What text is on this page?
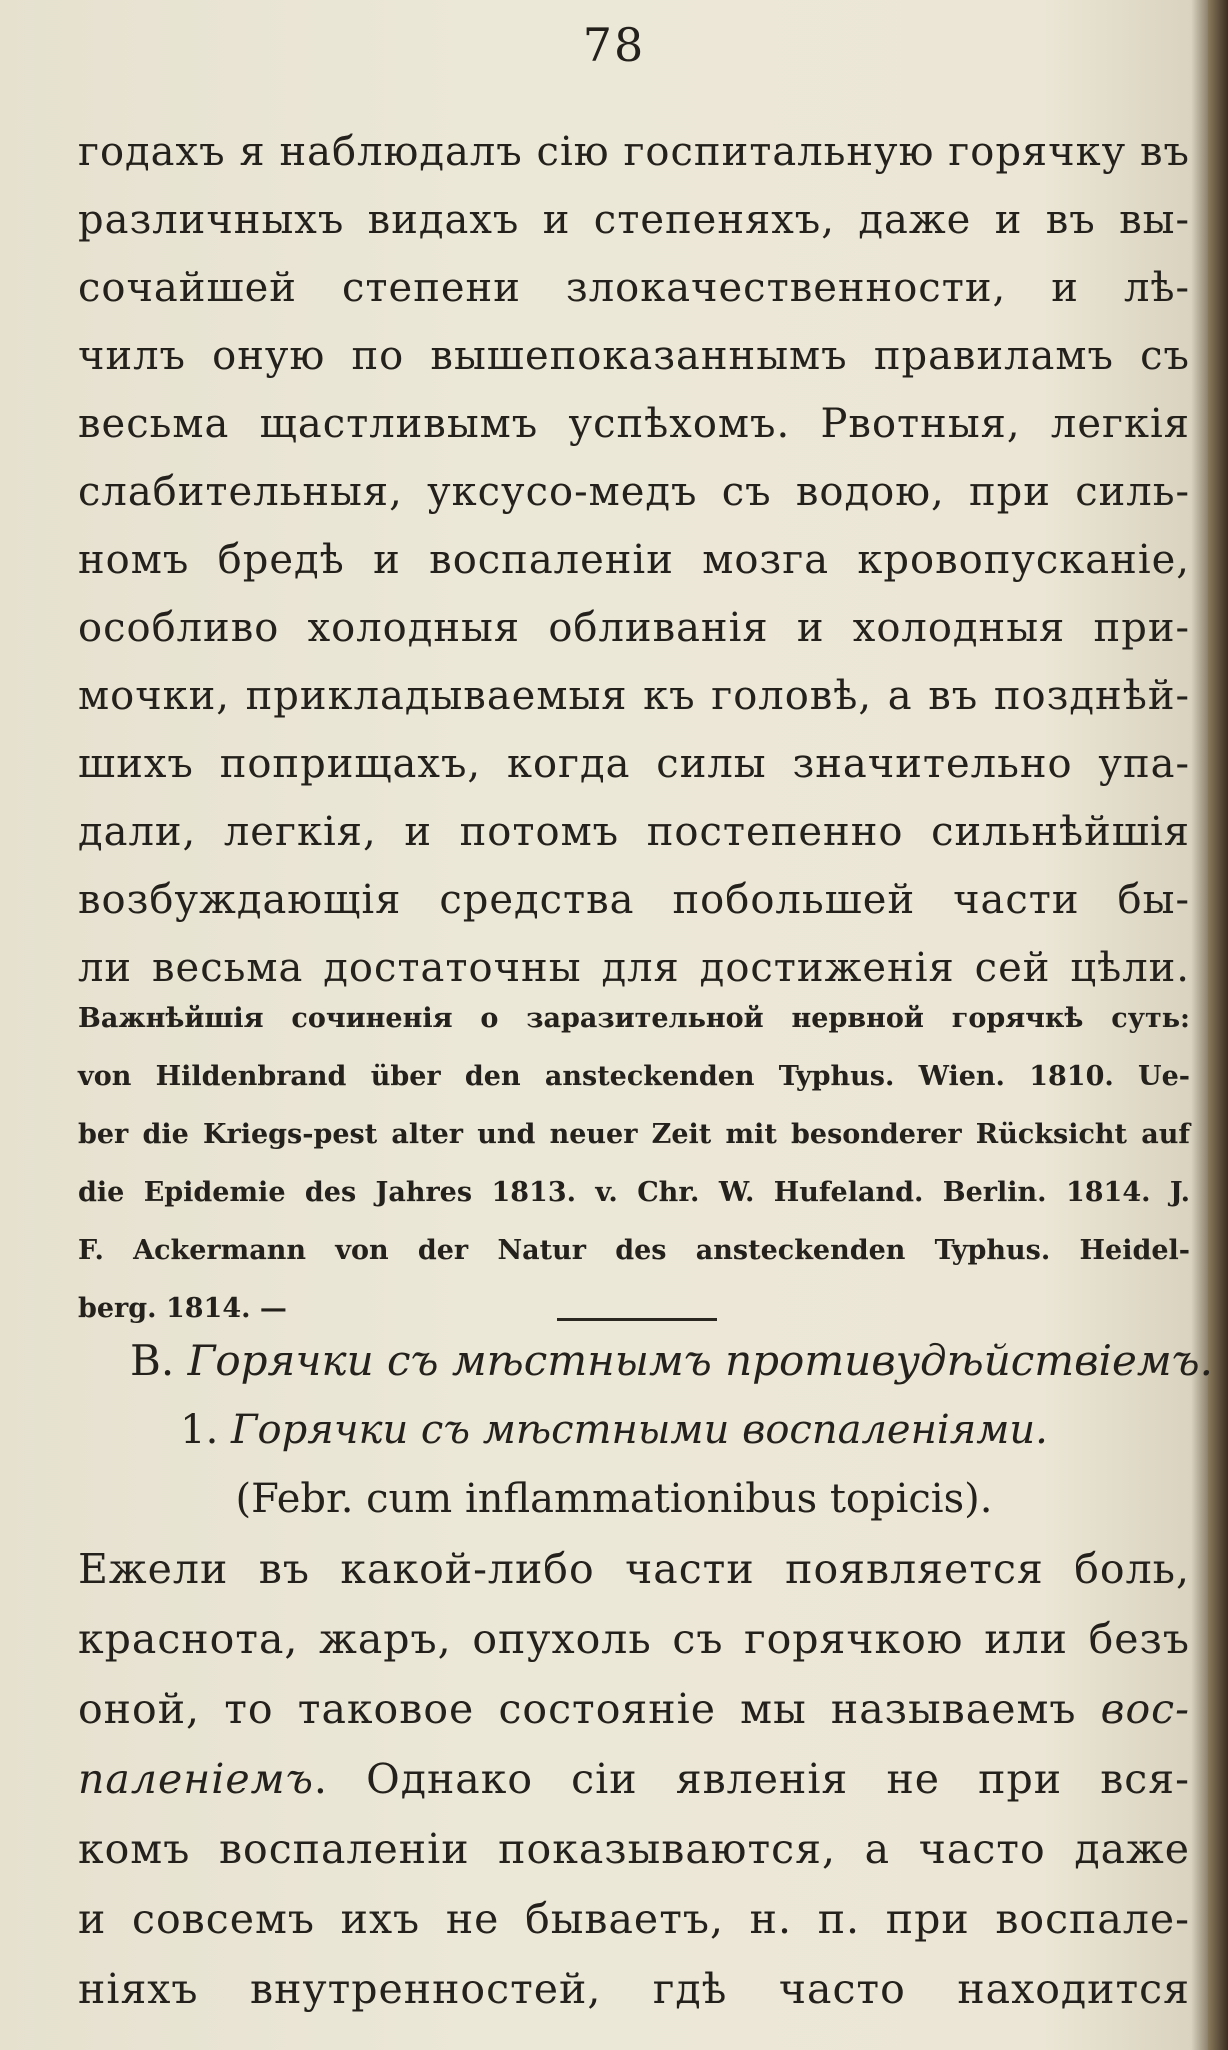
78
годахъ я наблюдалъ сію госпитальную горячку въ
различныхъ видахъ и степеняхъ, даже и въ вы-
сочайшей степени злокачественности, и лѣ-
чилъ оную по вышепоказаннымъ правиламъ съ
весьма щастливымъ успѣхомъ. Рвотныя, легкія
слабительныя, уксусо-медъ съ водою, при силь-
номъ бредѣ и воспаленіи мозга кровопусканіе,
особливо холодныя обливанія и холодныя при-
мочки, прикладываемыя къ головѣ, а въ позднѣй-
шихъ поприщахъ, когда силы значительно упа-
дали, легкія, и потомъ постепенно сильнѣйшія
возбуждающія средства побольшей части бы-
ли весьма достаточны для достиженія сей цѣли.
Важнѣйшія сочиненія о заразительной нервной горячкѣ суть:
von Hildenbrand über den ansteckenden Typhus. Wien. 1810. Ue-
ber die Kriegs-pest alter und neuer Zeit mit besonderer Rücksicht auf
die Epidemie des Jahres 1813. v. Chr. W. Hufeland. Berlin. 1814. J.
F. Ackermann von der Natur des ansteckenden Typhus. Heidel-
berg. 1814. —
B. Горячки съ мѣстнымъ противудѣйствіемъ.
1. Горячки съ мѣстными воспаленіями.
(Febr. cum inflammationibus topicis).
Ежели въ какой-либо части появляется боль,
краснота, жаръ, опухоль съ горячкою или безъ
оной, то таковое состояніе мы называемъ вос-
паленіемъ. Однако сіи явленія не при вся-
комъ воспаленіи показываются, а часто даже
и совсемъ ихъ не бываетъ, н. п. при воспале-
ніяхъ внутренностей, гдѣ часто находится
